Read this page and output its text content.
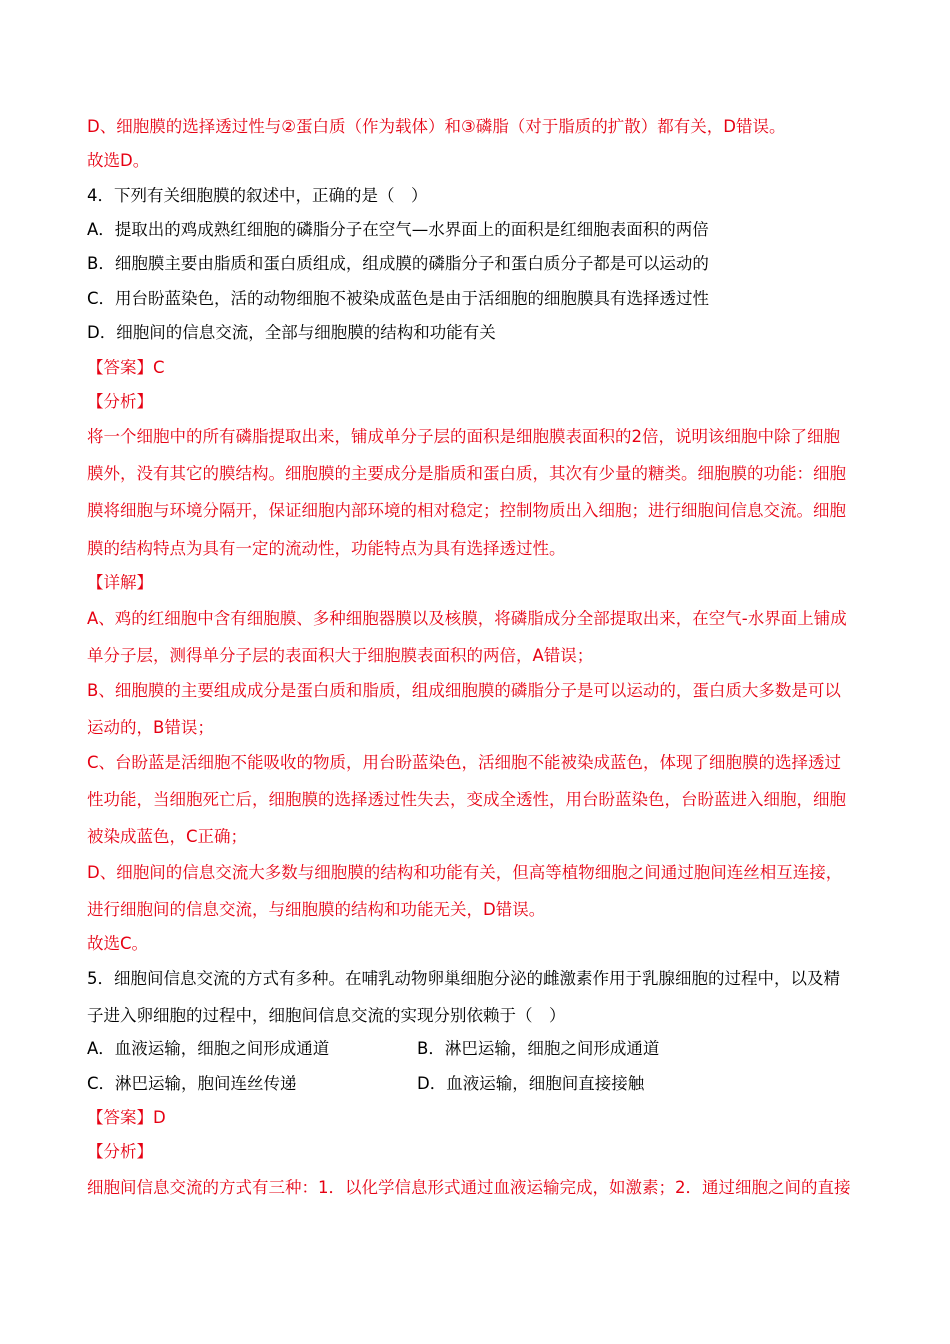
D、细胞膜的选择透过性与②蛋白质（作为载体）和③磷脂（对于脂质的扩散）都有关，D错误。
故选D。
4．下列有关细胞膜的叙述中，正确的是（　）
A．提取出的鸡成熟红细胞的磷脂分子在空气—水界面上的面积是红细胞表面积的两倍
B．细胞膜主要由脂质和蛋白质组成，组成膜的磷脂分子和蛋白质分子都是可以运动的
C．用台盼蓝染色，活的动物细胞不被染成蓝色是由于活细胞的细胞膜具有选择透过性
D．细胞间的信息交流，全部与细胞膜的结构和功能有关
【答案】C
【分析】
将一个细胞中的所有磷脂提取出来，铺成单分子层的面积是细胞膜表面积的2倍，说明该细胞中除了细胞
膜外，没有其它的膜结构。细胞膜的主要成分是脂质和蛋白质，其次有少量的糖类。细胞膜的功能：细胞
膜将细胞与环境分隔开，保证细胞内部环境的相对稳定；控制物质出入细胞；进行细胞间信息交流。细胞
膜的结构特点为具有一定的流动性，功能特点为具有选择透过性。
【详解】
A、鸡的红细胞中含有细胞膜、多种细胞器膜以及核膜，将磷脂成分全部提取出来，在空气-水界面上铺成
单分子层，测得单分子层的表面积大于细胞膜表面积的两倍，A错误；
B、细胞膜的主要组成成分是蛋白质和脂质，组成细胞膜的磷脂分子是可以运动的，蛋白质大多数是可以
运动的，B错误；
C、台盼蓝是活细胞不能吸收的物质，用台盼蓝染色，活细胞不能被染成蓝色，体现了细胞膜的选择透过
性功能，当细胞死亡后，细胞膜的选择透过性失去，变成全透性，用台盼蓝染色，台盼蓝进入细胞，细胞
被染成蓝色，C正确；
D、细胞间的信息交流大多数与细胞膜的结构和功能有关，但高等植物细胞之间通过胞间连丝相互连接，
进行细胞间的信息交流，与细胞膜的结构和功能无关，D错误。
故选C。
5．细胞间信息交流的方式有多种。在哺乳动物卵巢细胞分泌的雌激素作用于乳腺细胞的过程中，以及精
子进入卵细胞的过程中，细胞间信息交流的实现分别依赖于（　）
A．血液运输，细胞之间形成通道	B．淋巴运输，细胞之间形成通道
C．淋巴运输，胞间连丝传递	D．血液运输，细胞间直接接触
【答案】D
【分析】
细胞间信息交流的方式有三种：1．以化学信息形式通过血液运输完成，如激素；2．通过细胞之间的直接
